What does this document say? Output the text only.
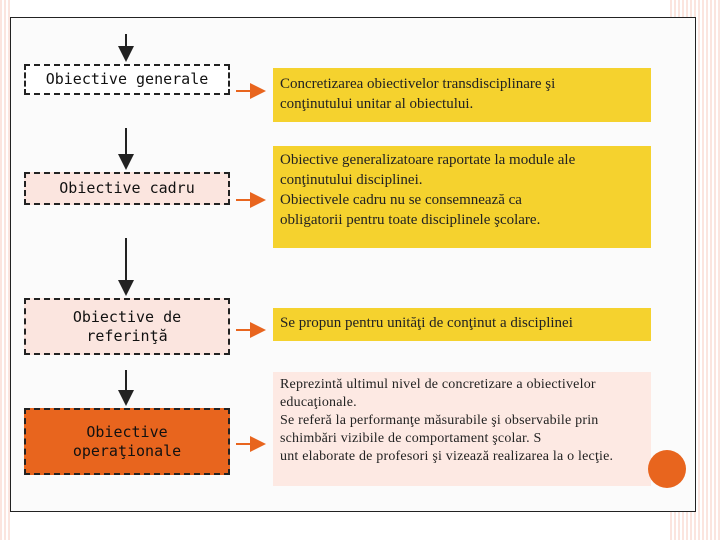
Obiective generale
Obiective cadru
Obiective de
referinţă
Obiective
operaţionale
Concretizarea obiectivelor transdisciplinare şi
conţinutului unitar al obiectului.
Obiective generalizatoare raportate la module ale
conţinutului disciplinei.
Obiectivele cadru nu se consemnează ca
obligatorii pentru toate disciplinele şcolare.
Se propun pentru unităţi de conţinut a disciplinei
Reprezintă ultimul nivel de concretizare a obiectivelor
educaţionale.
Se referă la performanţe măsurabile şi observabile prin
schimbări vizibile de comportament şcolar. S
unt elaborate de profesori şi vizează realizarea la o lecţie.
